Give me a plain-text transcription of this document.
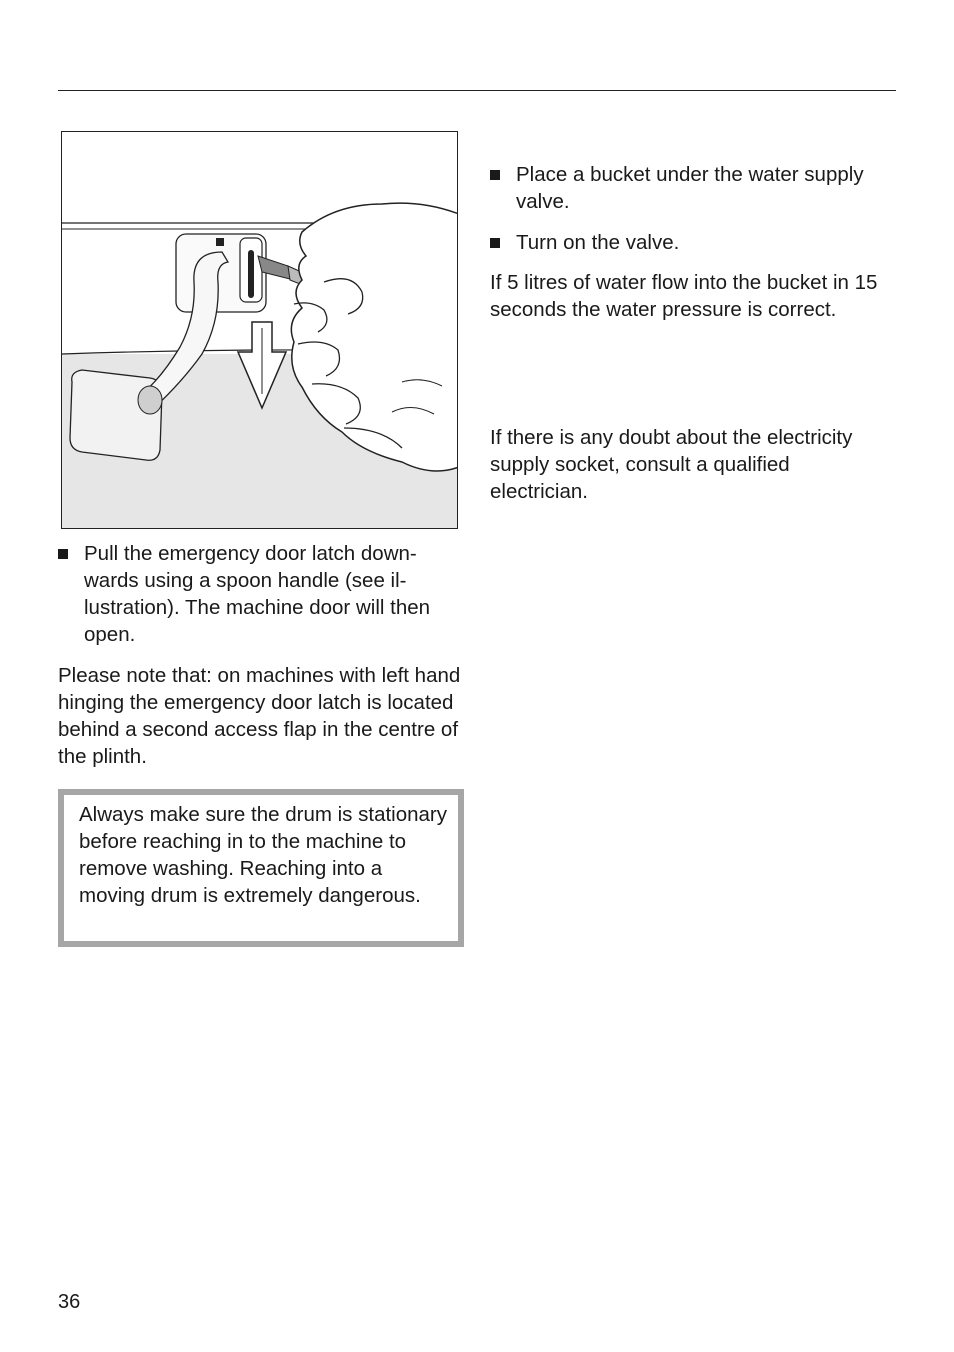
Pull the emergency door latch downwards using a spoon handle (see illustration). The machine door will then open.
Please note that: on machines with left hand hinging the emergency door latch is located behind a second access flap in the centre of the plinth.
Always make sure the drum is stationary before reaching in to the machine to remove washing. Reaching into a moving drum is extremely dangerous.
Place a bucket under the water supply valve.
Turn on the valve.
If 5 litres of water flow into the bucket in 15 seconds the water pressure is correct.
If there is any doubt about the electricity supply socket, consult a qualified electrician.
36
